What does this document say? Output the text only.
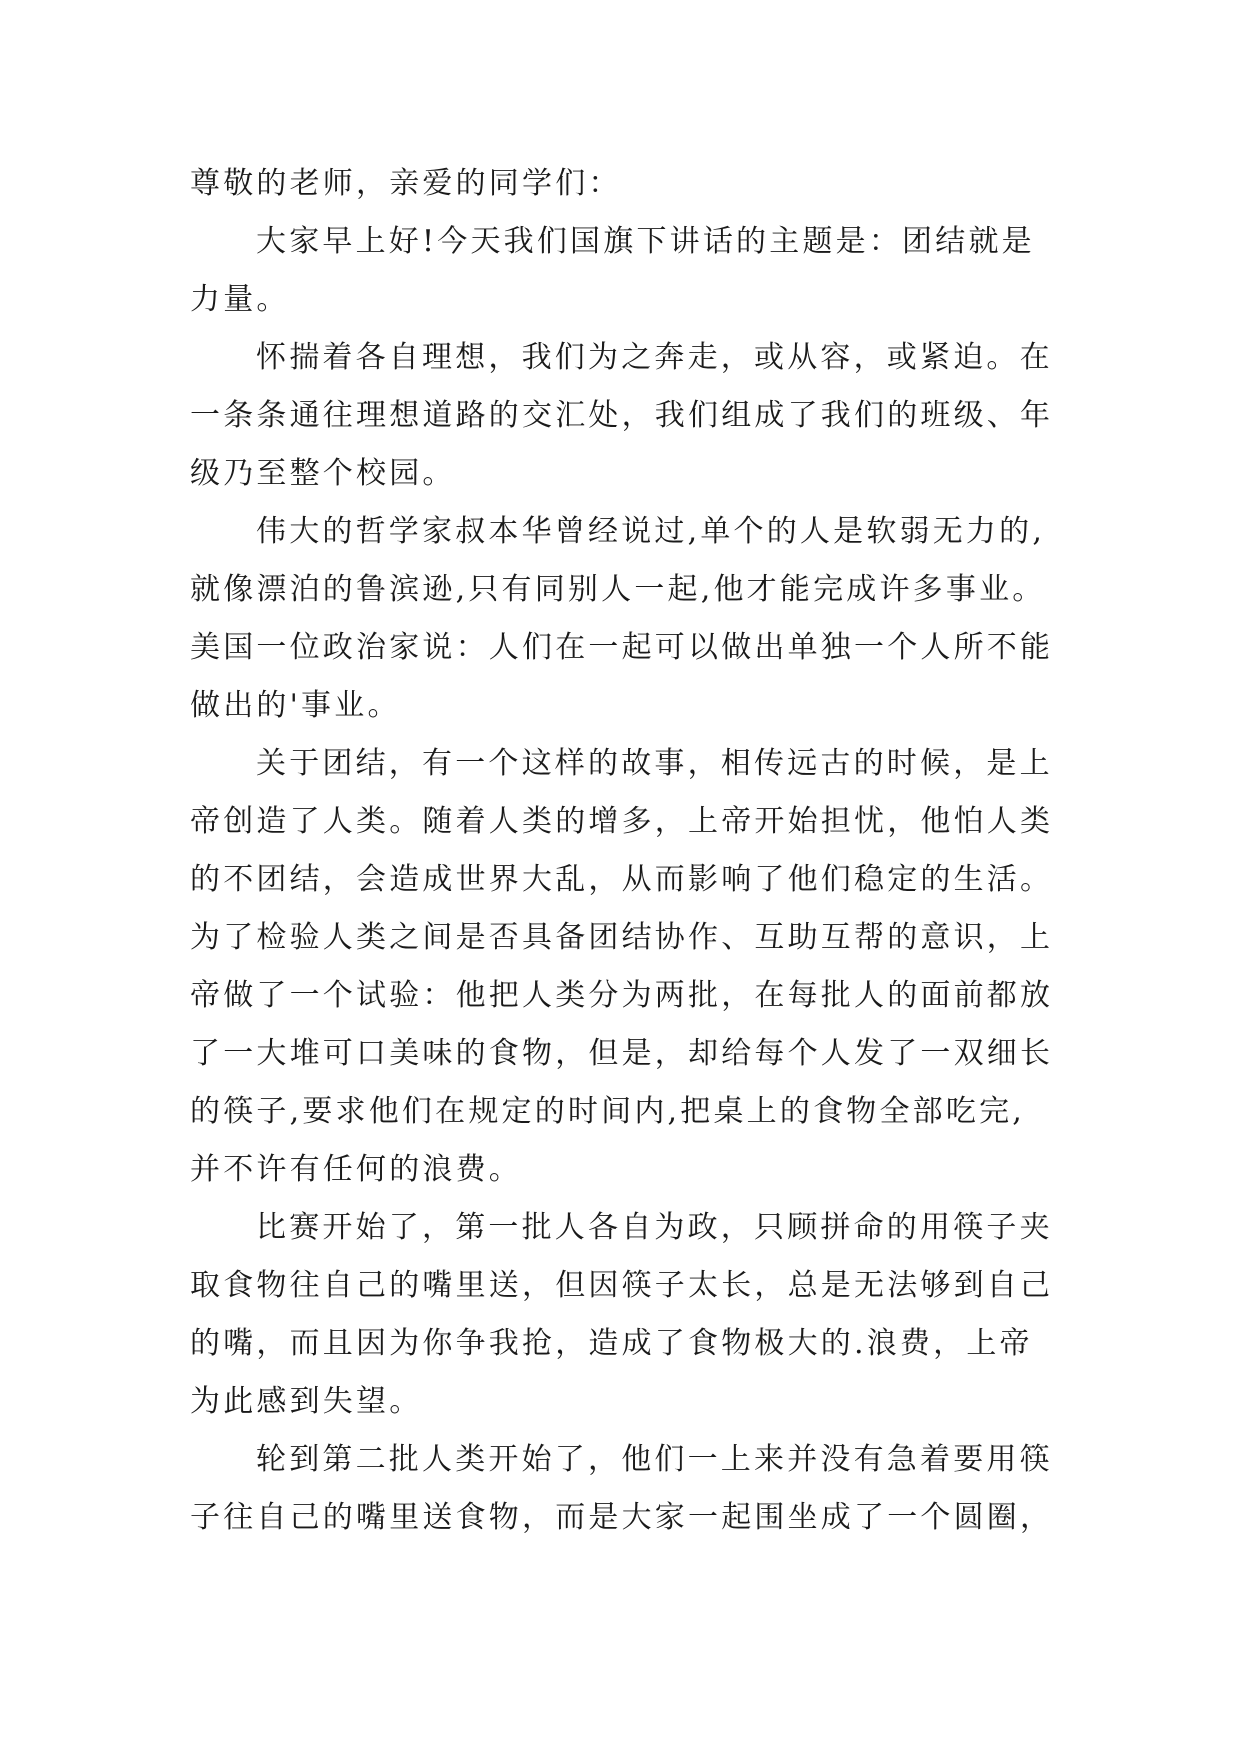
尊敬的老师，亲爱的同学们：
大家早上好!今天我们国旗下讲话的主题是：团结就是
力量。
怀揣着各自理想，我们为之奔走，或从容，或紧迫。在
一条条通往理想道路的交汇处，我们组成了我们的班级、年
级乃至整个校园。
伟大的哲学家叔本华曾经说过,单个的人是软弱无力的,
就像漂泊的鲁滨逊,只有同别人一起,他才能完成许多事业。
美国一位政治家说：人们在一起可以做出单独一个人所不能
做出的'事业。
关于团结，有一个这样的故事，相传远古的时候，是上
帝创造了人类。随着人类的增多，上帝开始担忧，他怕人类
的不团结，会造成世界大乱，从而影响了他们稳定的生活。
为了检验人类之间是否具备团结协作、互助互帮的意识，上
帝做了一个试验：他把人类分为两批，在每批人的面前都放
了一大堆可口美味的食物，但是，却给每个人发了一双细长
的筷子,要求他们在规定的时间内,把桌上的食物全部吃完,
并不许有任何的浪费。
比赛开始了，第一批人各自为政，只顾拼命的用筷子夹
取食物往自己的嘴里送，但因筷子太长，总是无法够到自己
的嘴，而且因为你争我抢，造成了食物极大的.浪费，上帝
为此感到失望。
轮到第二批人类开始了，他们一上来并没有急着要用筷
子往自己的嘴里送食物，而是大家一起围坐成了一个圆圈，
